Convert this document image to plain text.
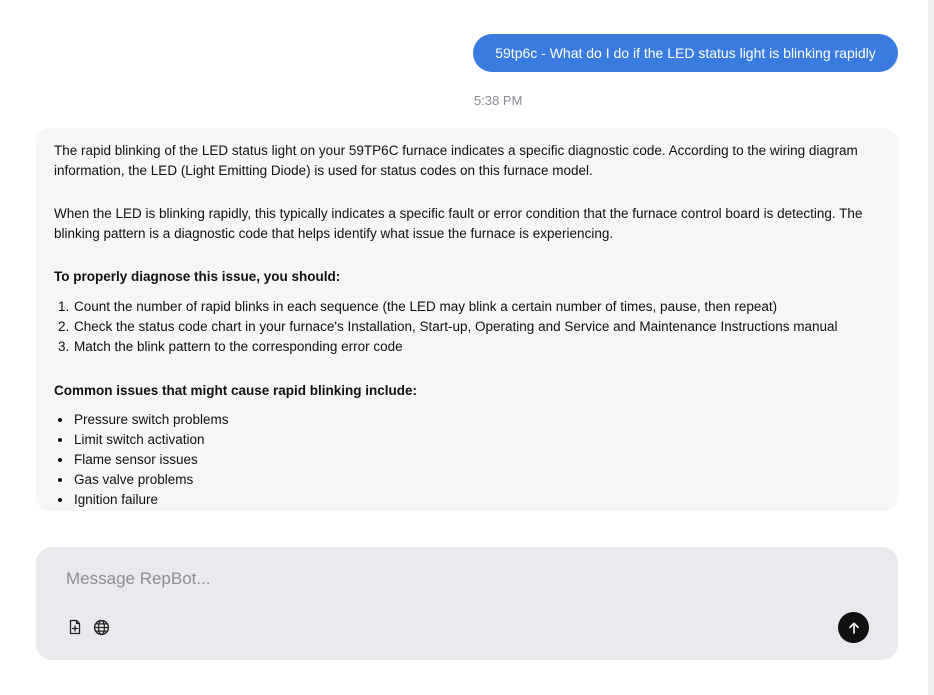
59tp6c - What do I do if the LED status light is blinking rapidly
5:38 PM

The rapid blinking of the LED status light on your 59TP6C furnace indicates a specific diagnostic code. According to the wiring diagram information, the LED (Light Emitting Diode) is used for status codes on this furnace model.

When the LED is blinking rapidly, this typically indicates a specific fault or error condition that the furnace control board is detecting. The blinking pattern is a diagnostic code that helps identify what issue the furnace is experiencing.

To properly diagnose this issue, you should:

1. Count the number of rapid blinks in each sequence (the LED may blink a certain number of times, pause, then repeat)
2. Check the status code chart in your furnace's Installation, Start-up, Operating and Service and Maintenance Instructions manual
3. Match the blink pattern to the corresponding error code

Common issues that might cause rapid blinking include:

• Pressure switch problems
• Limit switch activation
• Flame sensor issues
• Gas valve problems
• Ignition failure
Message RepBot...
